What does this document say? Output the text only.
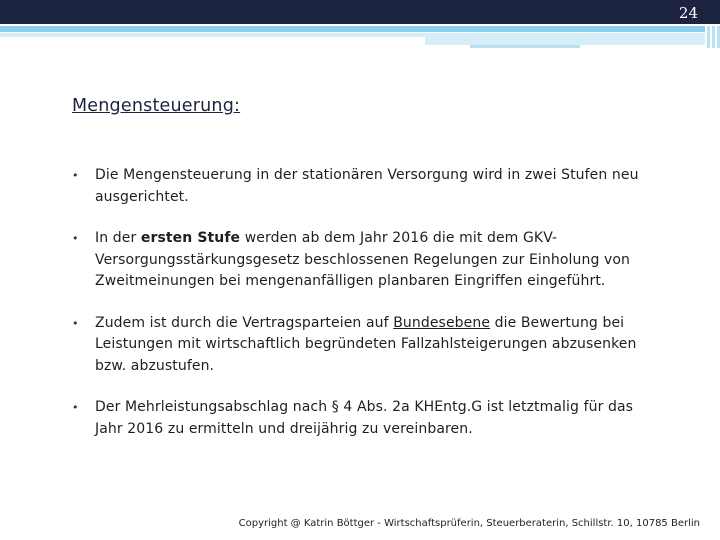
24
Mengensteuerung:
•	Die Mengensteuerung in der stationären Versorgung wird in zwei Stufen neu ausgerichtet.
•	In der ersten Stufe werden ab dem Jahr 2016 die mit dem GKV-Versorgungsstärkungsgesetz beschlossenen Regelungen zur Einholung von Zweitmeinungen bei mengenanfälligen planbaren Eingriffen eingeführt.
•	Zudem ist durch die Vertragsparteien auf Bundesebene die Bewertung bei Leistungen mit wirtschaftlich begründeten Fallzahlsteigerungen abzusenken bzw. abzustufen.
•	Der Mehrleistungsabschlag nach § 4 Abs. 2a KHEntg.G ist letztmalig für das Jahr 2016 zu ermitteln und dreijährig zu vereinbaren.
Copyright @ Katrin Böttger - Wirtschaftsprüferin, Steuerberaterin, Schillstr. 10, 10785 Berlin
